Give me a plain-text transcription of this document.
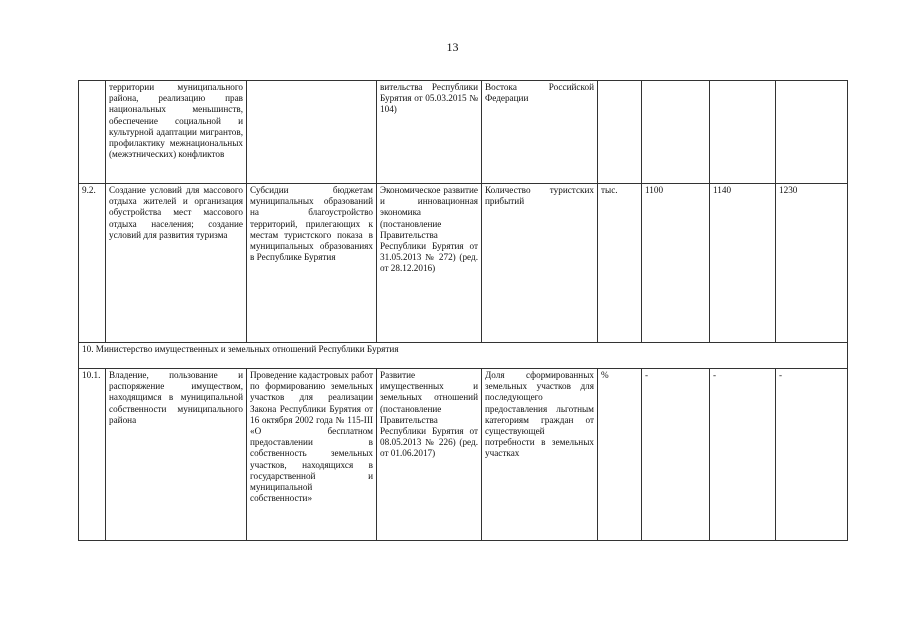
13
	территории муниципального района, реализацию прав национальных меньшинств, обеспечение социальной и культурной адаптации мигрантов, профилактику межнациональных (межэтнических) конфликтов		вительства Республики Бурятия от 05.03.2015 № 104)	Востока Российской Федерации				
9.2.	Создание условий для массового отдыха жителей и организация обустройства мест массового отдыха населения; создание условий для развития туризма	Субсидии бюджетам муниципальных образований на благоустройство территорий, прилегающих к местам туристского показа в муниципальных образованиях в Республике Бурятия	Экономическое развитие и инновационная экономика (постановление Правительства Республики Бурятия от 31.05.2013 № 272) (ред. от 28.12.2016)	Количество туристских прибытий	тыс.	1100	1140	1230
10. Министерство имущественных и земельных отношений Республики Бурятия								
10.1.	Владение, пользование и распоряжение имуществом, находящимся в муниципальной собственности муниципального района	Проведение кадастровых работ по формированию земельных участков для реализации Закона Республики Бурятия от 16 октября 2002 года № 115-III «О бесплатном предоставлении в собственность земельных участков, находящихся в государственной и муниципальной собственности»	Развитие имущественных и земельных отношений (постановление Правительства Республики Бурятия от 08.05.2013 № 226) (ред. от 01.06.2017)	Доля сформированных земельных участков для последующего предоставления льготным категориям граждан от существующей потребности в земельных участках	%	-	-	-
